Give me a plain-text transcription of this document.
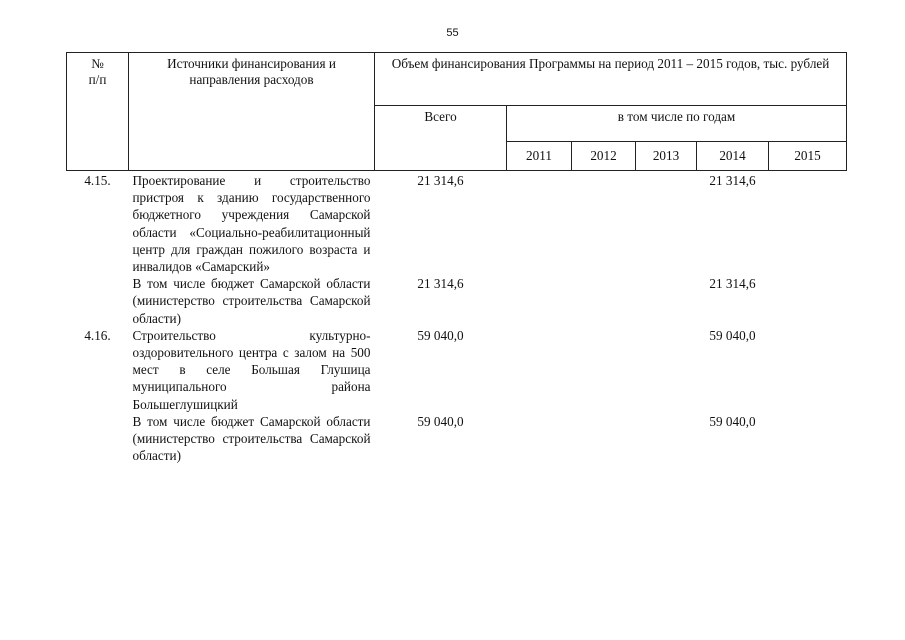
55
№
п/п	Источники финансирования и направления расходов	Объем финансирования Программы на период 2011 – 2015 годов, тыс. рублей					
		Всего	в том числе по годам				
			2011	2012	2013	2014	2015
4.15.	Проектирование и строительство пристроя к зданию государственного бюджетного учреждения Самарской области «Социально-реабилитационный центр для граждан пожилого возраста и инвалидов «Самарский»	21 314,6				21 314,6	
	В том числе бюджет Самарской области (министерство строительства Самарской области)	21 314,6				21 314,6	
4.16.	Строительство культурно-оздоровительного центра с залом на 500 мест в селе Большая Глушица муниципального района Большеглушицкий	59 040,0				59 040,0	
	В том числе бюджет Самарской области (министерство строительства Самарской области)	59 040,0				59 040,0	
